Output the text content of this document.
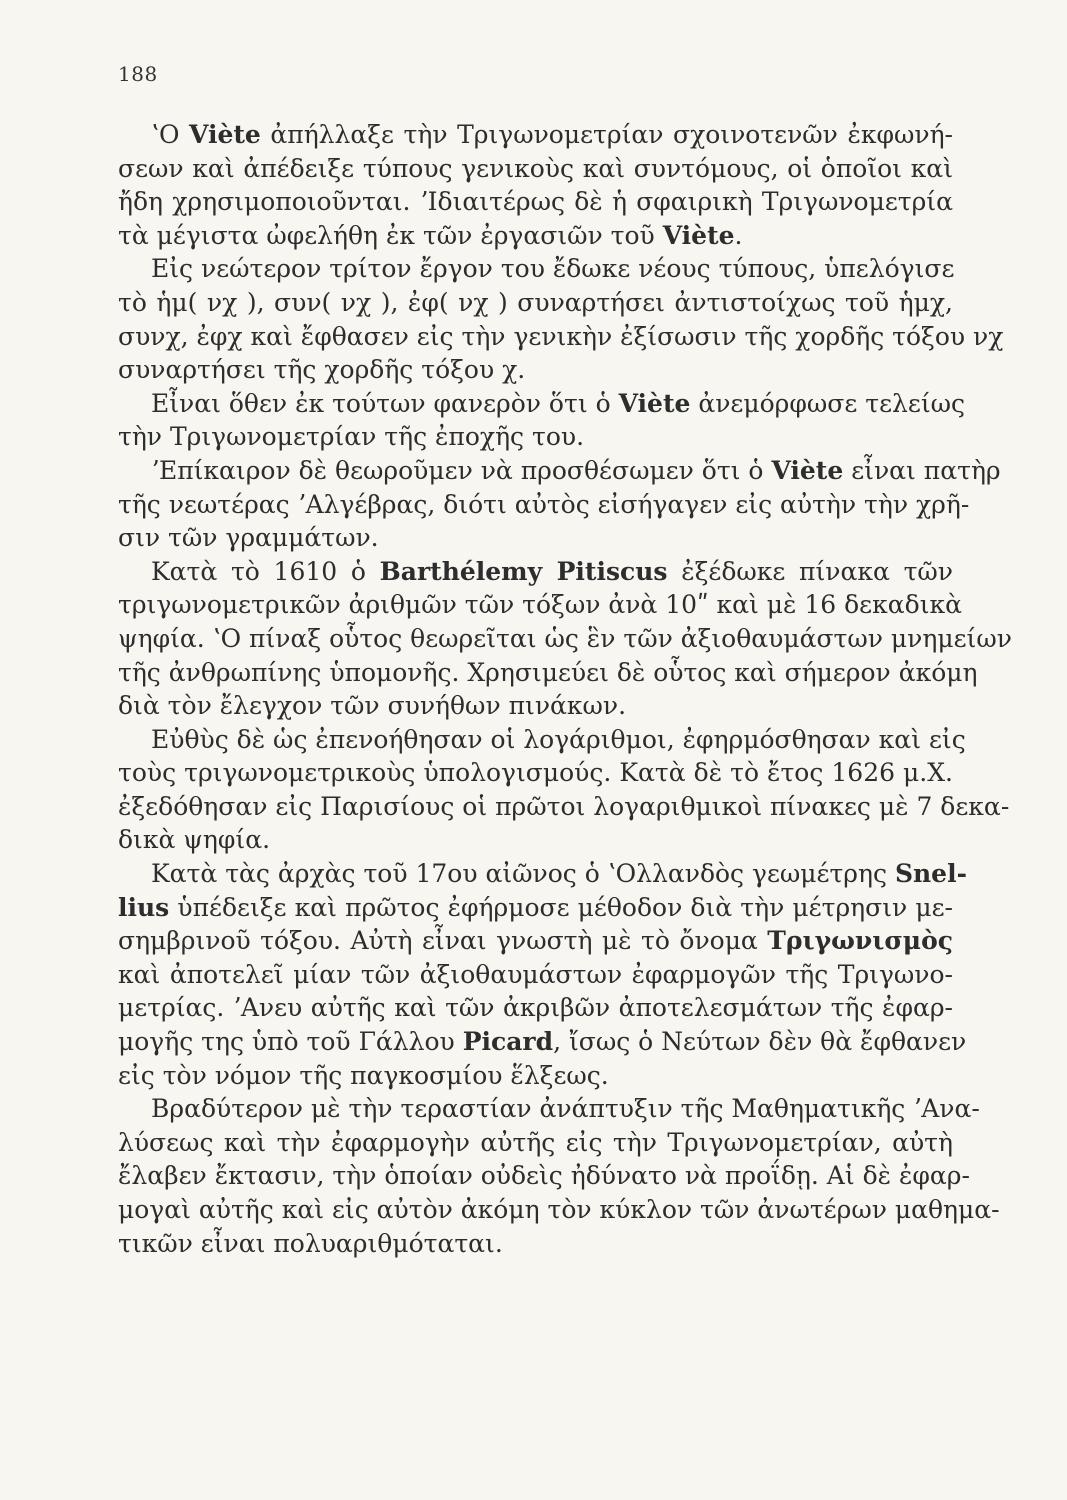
188
ʽΟ Viète ἀπήλλαξε τὴν Τριγωνομετρίαν σχοινοτενῶν ἐκφωνή-
σεων καὶ ἀπέδειξε τύπους γενικοὺς καὶ συντόμους, οἱ ὁποῖοι καὶ
ἤδη χρησιμοποιοῦνται. ʼΙδιαιτέρως δὲ ἡ σφαιρικὴ Τριγωνομετρία
τὰ μέγιστα ὠφελήθη ἐκ τῶν ἐργασιῶν τοῦ Viète.
Εἰς νεώτερον τρίτον ἔργον του ἔδωκε νέους τύπους, ὑπελόγισε
τὸ ἡμ( νχ ), συν( νχ ), ἐφ( νχ ) συναρτήσει ἀντιστοίχως τοῦ ἡμχ,
συνχ, ἐφχ καὶ ἔφθασεν εἰς τὴν γενικὴν ἐξίσωσιν τῆς χορδῆς τόξου νχ
συναρτήσει τῆς χορδῆς τόξου χ.
Εἶναι ὅθεν ἐκ τούτων φανερὸν ὅτι ὁ Viète ἀνεμόρφωσε τελείως
τὴν Τριγωνομετρίαν τῆς ἐποχῆς του.
ʼΕπίκαιρον δὲ θεωροῦμεν νὰ προσθέσωμεν ὅτι ὁ Viète εἶναι πατὴρ
τῆς νεωτέρας ʼΑλγέβρας, διότι αὐτὸς εἰσήγαγεν εἰς αὐτὴν τὴν χρῆ-
σιν τῶν γραμμάτων.
Κατὰ τὸ 1610 ὁ Barthélemy Pitiscus ἐξέδωκε πίνακα τῶν
τριγωνομετρικῶν ἀριθμῶν τῶν τόξων ἀνὰ 10ʺ καὶ μὲ 16 δεκαδικὰ
ψηφία. ʽΟ πίναξ οὗτος θεωρεῖται ὡς ἓν τῶν ἀξιοθαυμάστων μνημείων
τῆς ἀνθρωπίνης ὑπομονῆς. Χρησιμεύει δὲ οὗτος καὶ σήμερον ἀκόμη
διὰ τὸν ἔλεγχον τῶν συνήθων πινάκων.
Εὐθὺς δὲ ὡς ἐπενοήθησαν οἱ λογάριθμοι, ἐφηρμόσθησαν καὶ εἰς
τοὺς τριγωνομετρικοὺς ὑπολογισμούς. Κατὰ δὲ τὸ ἔτος 1626 μ.Χ.
ἐξεδόθησαν εἰς Παρισίους οἱ πρῶτοι λογαριθμικοὶ πίνακες μὲ 7 δεκα-
δικὰ ψηφία.
Κατὰ τὰς ἀρχὰς τοῦ 17ου αἰῶνος ὁ ʽΟλλανδὸς γεωμέτρης Snel-
lius ὑπέδειξε καὶ πρῶτος ἐφήρμοσε μέθοδον διὰ τὴν μέτρησιν με-
σημβρινοῦ τόξου. Αὐτὴ εἶναι γνωστὴ μὲ τὸ ὄνομα Τριγωνισμὸς
καὶ ἀποτελεῖ μίαν τῶν ἀξιοθαυμάστων ἐφαρμογῶν τῆς Τριγωνο-
μετρίας. ʼΑνευ αὐτῆς καὶ τῶν ἀκριβῶν ἀποτελεσμάτων τῆς ἐφαρ-
μογῆς της ὑπὸ τοῦ Γάλλου Picard, ἴσως ὁ Νεύτων δὲν θὰ ἔφθανεν
εἰς τὸν νόμον τῆς παγκοσμίου ἕλξεως.
Βραδύτερον μὲ τὴν τεραστίαν ἀνάπτυξιν τῆς Μαθηματικῆς ʼΑνα-
λύσεως καὶ τὴν ἐφαρμογὴν αὐτῆς εἰς τὴν Τριγωνομετρίαν, αὐτὴ
ἔλαβεν ἔκτασιν, τὴν ὁποίαν οὐδεὶς ἠδύνατο νὰ προΐδῃ. Αἱ δὲ ἐφαρ-
μογαὶ αὐτῆς καὶ εἰς αὐτὸν ἀκόμη τὸν κύκλον τῶν ἀνωτέρων μαθημα-
τικῶν εἶναι πολυαριθμόταται.
